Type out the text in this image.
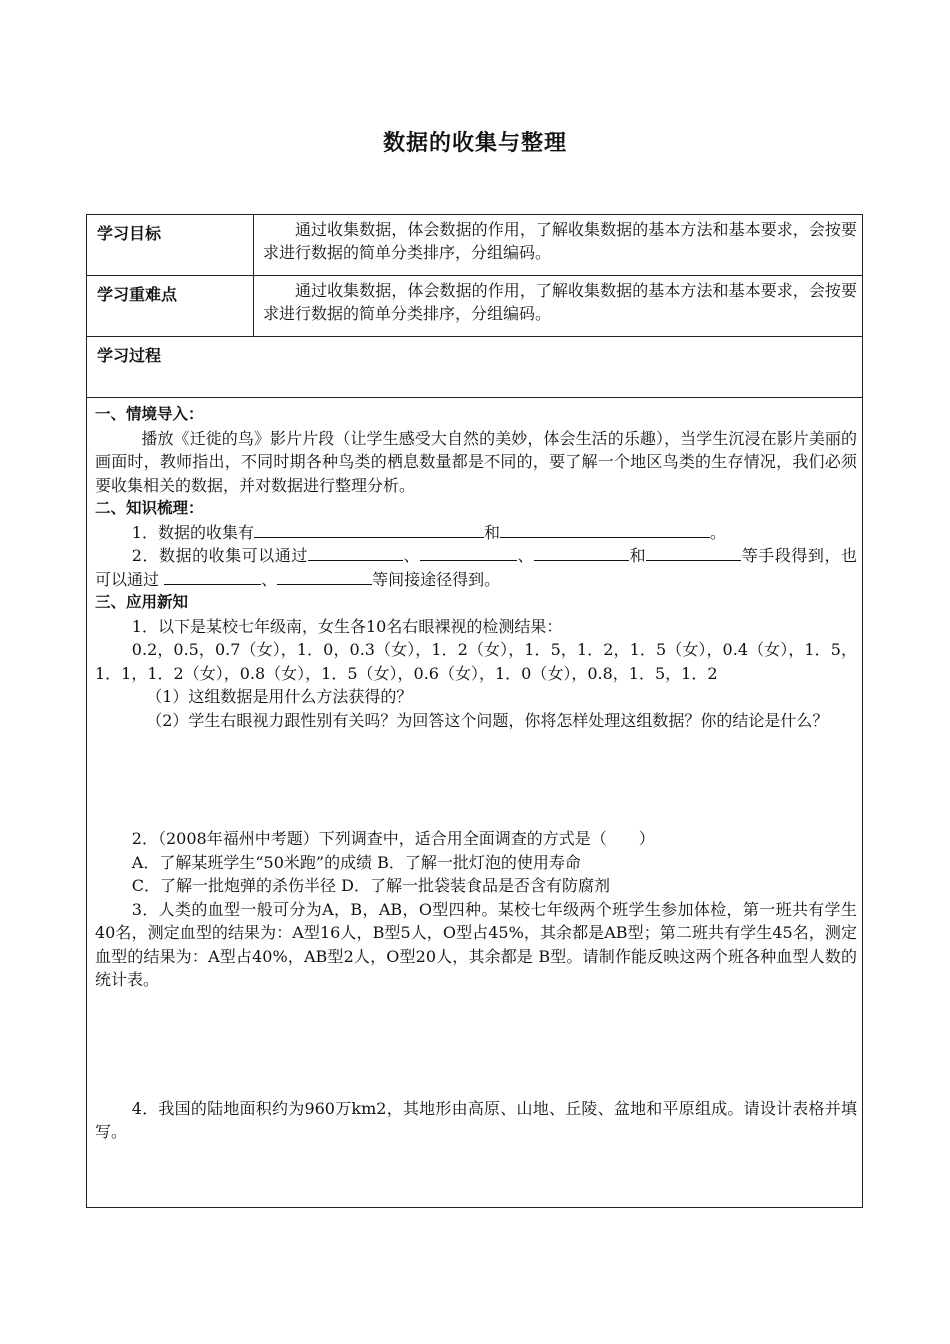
数据的收集与整理
学习目标	通过收集数据，体会数据的作用，了解收集数据的基本方法和基本要求，会按要求进行数据的简单分类排序，分组编码。
学习重难点	通过收集数据，体会数据的作用，了解收集数据的基本方法和基本要求，会按要求进行数据的简单分类排序，分组编码。
学习过程

一、情境导入：

播放《迁徙的鸟》影片片段（让学生感受大自然的美妙，体会生活的乐趣），当学生沉浸在影片美丽的画面时，教师指出，不同时期各种鸟类的栖息数量都是不同的，要了解一个地区鸟类的生存情况，我们必须要收集相关的数据，并对数据进行整理分析。

二、知识梳理：

1．数据的收集有	和	。

2．数据的收集可以通过	、	、	和	等手段得到，也可以通过	、	等间接途径得到。

三、应用新知

1．以下是某校七年级南，女生各10名右眼裸视的检测结果：

0.2，0.5，0.7（女），1．0，0.3（女），1．2（女），1．5，1．2，1．5（女），0.4（女），1．5，1．1，1．2（女），0.8（女），1．5（女），0.6（女），1．0（女），0.8，1．5，1．2

（1）这组数据是用什么方法获得的？

（2）学生右眼视力跟性别有关吗？为回答这个问题，你将怎样处理这组数据？你的结论是什么？

2．（2008年福州中考题）下列调查中，适合用全面调查的方式是（　　）

A．了解某班学生“50米跑”的成绩 B．了解一批灯泡的使用寿命

C．了解一批炮弹的杀伤半径 D．了解一批袋装食品是否含有防腐剂

3．人类的血型一般可分为A，B，AB，O型四种。某校七年级两个班学生参加体检，第一班共有学生40名，测定血型的结果为：A型16人，B型5人，O型占45%，其余都是AB型；第二班共有学生45名，测定血型的结果为：A型占40%，AB型2人，O型20人，其余都是 B型。请制作能反映这两个班各种血型人数的统计表。

4．我国的陆地面积约为960万km2，其地形由高原、山地、丘陵、盆地和平原组成。请设计表格并填写。
